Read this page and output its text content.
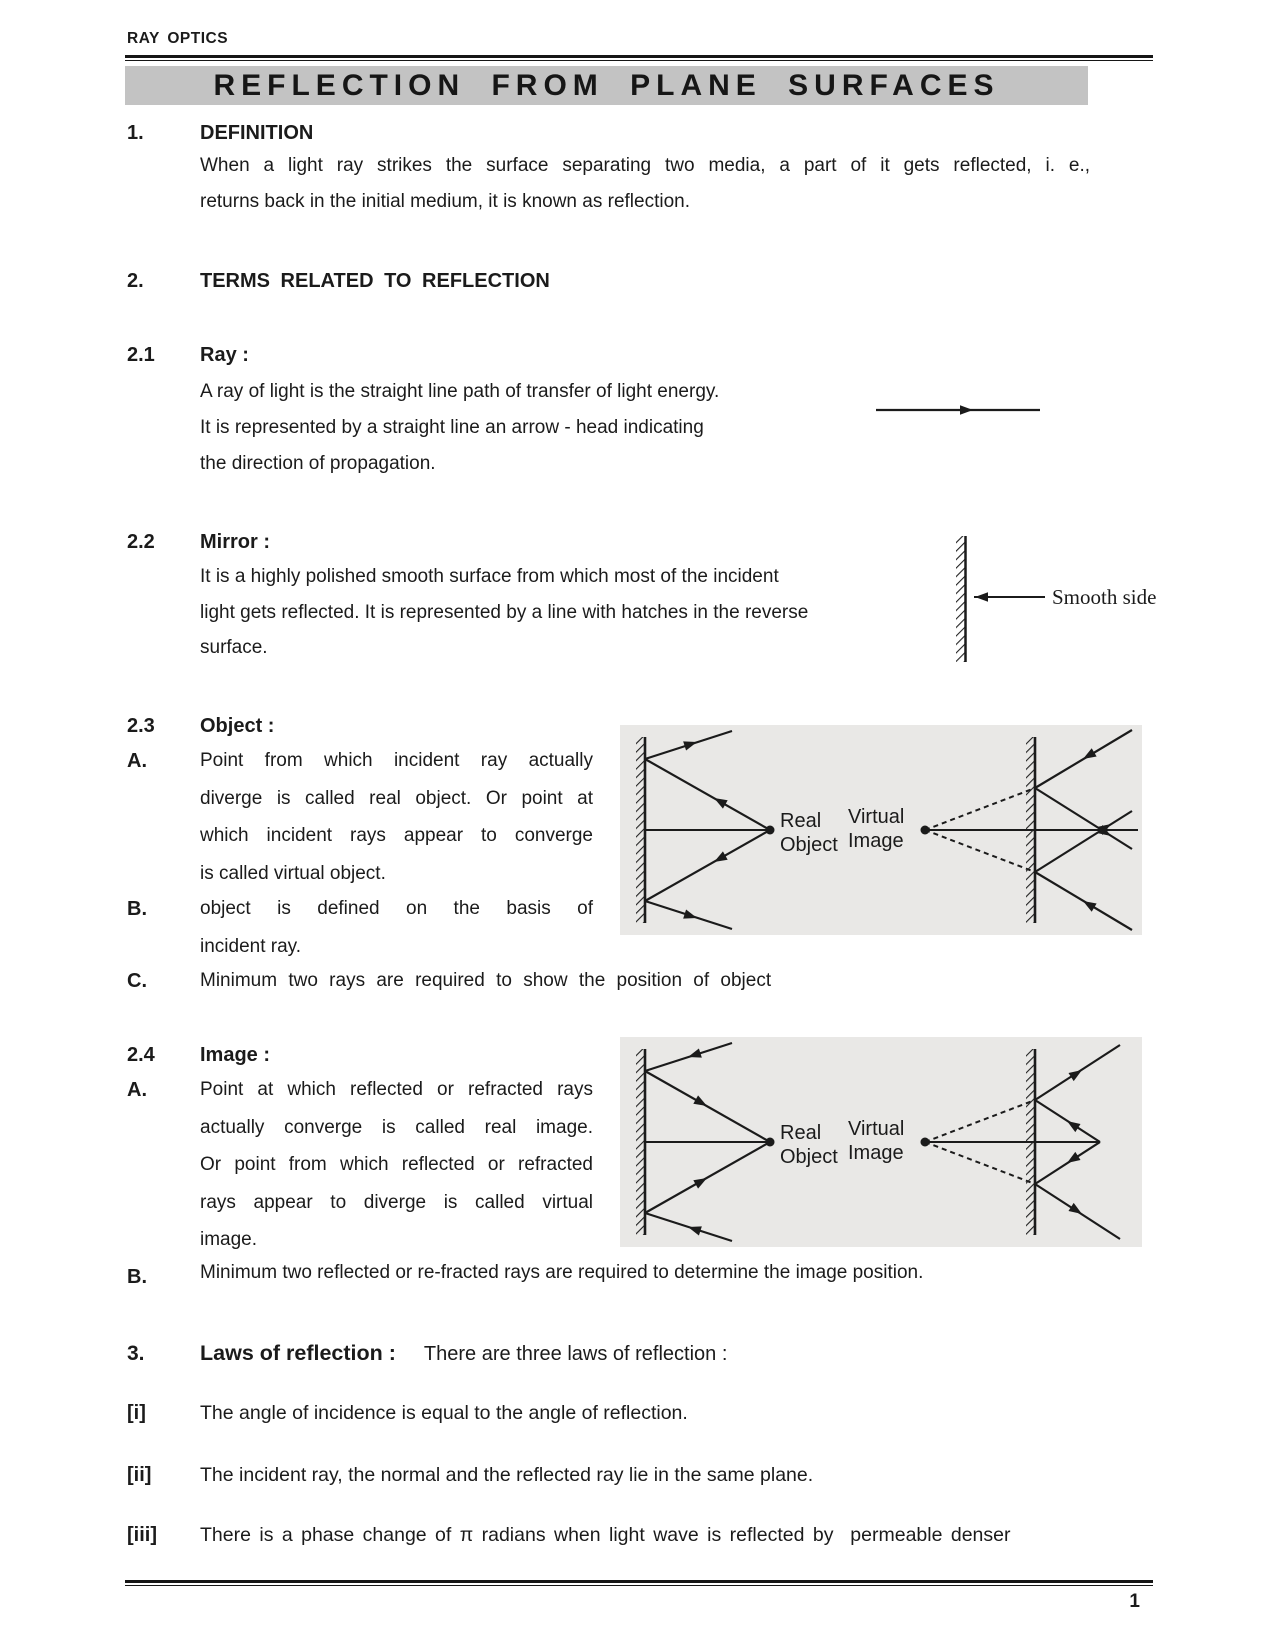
RAY OPTICS
REFLECTION FROM PLANE SURFACES
1.	DEFINITION
When a light ray strikes the surface separating two media, a part of it gets reflected, i. e.,
returns back in the initial medium, it is known as reflection.
2.	TERMS RELATED TO REFLECTION
2.1 Ray :
A ray of light is the straight line path of transfer of light energy.
It is represented by a straight line an arrow - head indicating
the direction of propagation.
2.2 Mirror :
It is a highly polished smooth surface from which most of the incident
light gets reflected. It is represented by a line with hatches in the reverse
surface.
Smooth side
2.3 Object :
A.	Point from which incident ray actually
diverge is called real object. Or point at
which incident rays appear to converge
is called virtual object.
B.	object is defined on the basis of
incident ray.
C.	Minimum two rays are required to show the position of object
Real
Object
Virtual
Image
2.4 Image :
A.	Point at which reflected or refracted rays
actually converge is called real image.
Or point from which reflected or refracted
rays appear to diverge is called virtual
image.
B.	Minimum two reflected or re-fracted rays are required to determine the image position.
Real
Object
Virtual
Image
3.	Laws of reflection : There are three laws of reflection :
[i]	The angle of incidence is equal to the angle of reflection.
[ii] The incident ray, the normal and the reflected ray lie in the same plane.
[iii] There is a phase change of π radians when light wave is reflected by  permeable denser
1
